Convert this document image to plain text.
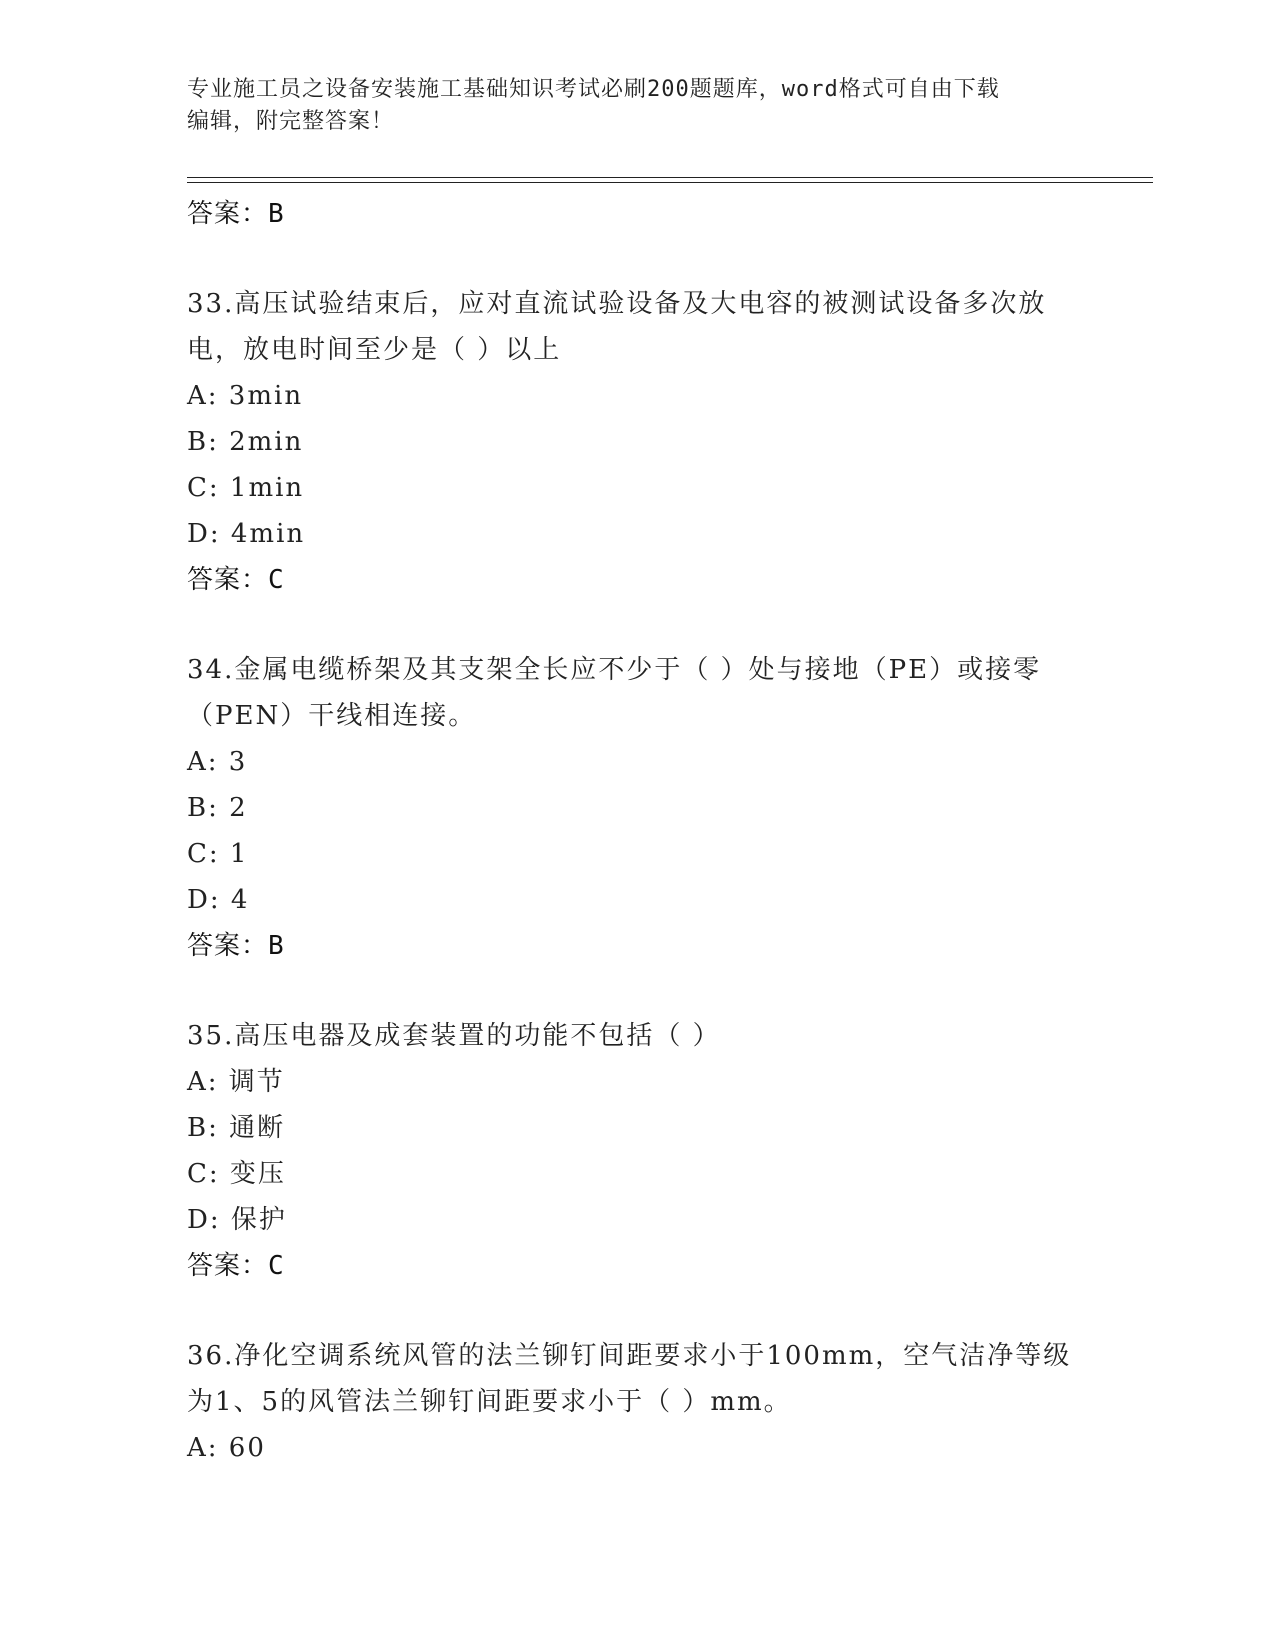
专业施工员之设备安装施工基础知识考试必刷200题题库，word格式可自由下载
编辑，附完整答案！

答案：B

33.高压试验结束后，应对直流试验设备及大电容的被测试设备多次放电，放电时间至少是（ ）以上

A: 3min

B: 2min

C: 1min

D: 4min

答案：C

34.金属电缆桥架及其支架全长应不少于（ ）处与接地（PE）或接零（PEN）干线相连接。

A: 3

B: 2

C: 1

D: 4

答案：B

35.高压电器及成套装置的功能不包括（ ）

A: 调节

B: 通断

C: 变压

D: 保护

答案：C

36.净化空调系统风管的法兰铆钉间距要求小于100mm，空气洁净等级为1、5的风管法兰铆钉间距要求小于（ ）mm。

A: 60
